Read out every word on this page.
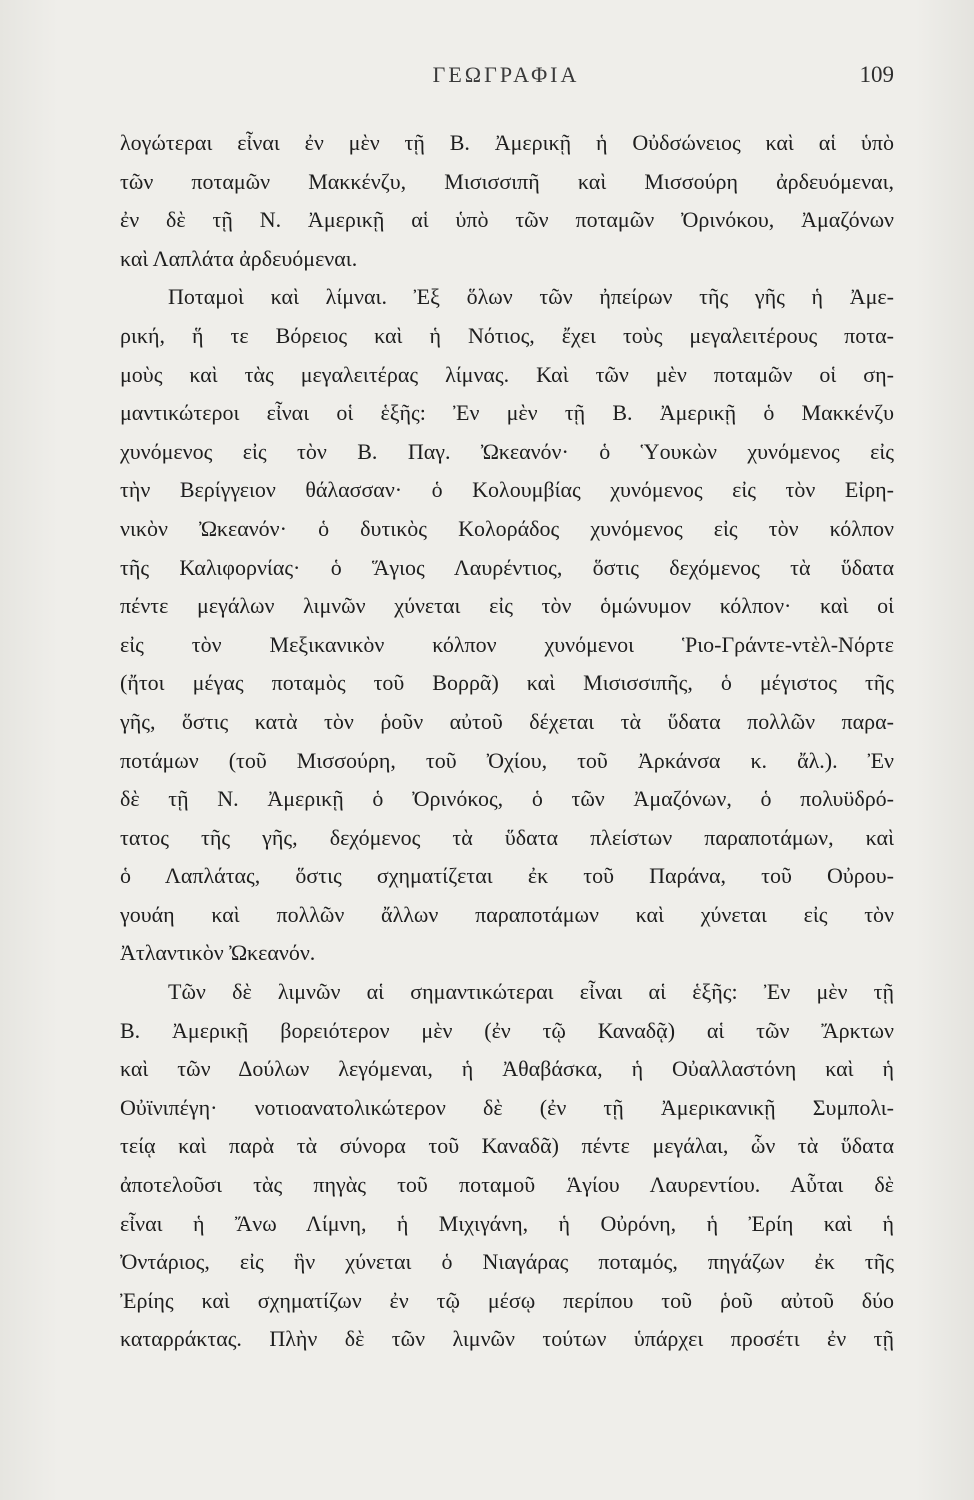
ΓΕΩΓΡΑΦΙΑ	109
λογώτεραι εἶναι ἐν μὲν τῇ Β. Ἀμερικῇ ἡ Οὐδσώνειος καὶ αἱ ὑπὸ
τῶν ποταμῶν Μακκένζυ, Μισισσιπῆ καὶ Μισσούρη ἀρδευόμεναι,
ἐν δὲ τῇ Ν. Ἀμερικῇ αἱ ὑπὸ τῶν ποταμῶν Ὀρινόκου, Ἀμαζόνων
καὶ Λαπλάτα ἀρδευόμεναι.
Ποταμοὶ καὶ λίμναι. Ἐξ ὅλων τῶν ἠπείρων τῆς γῆς ἡ Ἀμε-
ρική, ἥ τε Βόρειος καὶ ἡ Νότιος, ἔχει τοὺς μεγαλειτέρους ποτα-
μοὺς καὶ τὰς μεγαλειτέρας λίμνας. Καὶ τῶν μὲν ποταμῶν οἱ ση-
μαντικώτεροι εἶναι οἱ ἑξῆς: Ἐν μὲν τῇ Β. Ἀμερικῇ ὁ Μακκένζυ
χυνόμενος εἰς τὸν Β. Παγ. Ὠκεανόν· ὁ Ὑουκὼν χυνόμενος εἰς
τὴν Βερίγγειον θάλασσαν· ὁ Κολουμβίας χυνόμενος εἰς τὸν Εἰρη-
νικὸν Ὠκεανόν· ὁ δυτικὸς Κολοράδος χυνόμενος εἰς τὸν κόλπον
τῆς Καλιφορνίας· ὁ Ἅγιος Λαυρέντιος, ὅστις δεχόμενος τὰ ὕδατα
πέντε μεγάλων λιμνῶν χύνεται εἰς τὸν ὁμώνυμον κόλπον· καὶ οἱ
εἰς τὸν Μεξικανικὸν κόλπον χυνόμενοι Ῥιο-Γράντε-ντὲλ-Νόρτε
(ἤτοι μέγας ποταμὸς τοῦ Βορρᾶ) καὶ Μισισσιπῆς, ὁ μέγιστος τῆς
γῆς, ὅστις κατὰ τὸν ῥοῦν αὐτοῦ δέχεται τὰ ὕδατα πολλῶν παρα-
ποτάμων (τοῦ Μισσούρη, τοῦ Ὀχίου, τοῦ Ἀρκάνσα κ. ἄλ.). Ἐν
δὲ τῇ Ν. Ἀμερικῇ ὁ Ὀρινόκος, ὁ τῶν Ἀμαζόνων, ὁ πολυϋδρό-
τατος τῆς γῆς, δεχόμενος τὰ ὕδατα πλείστων παραποτάμων, καὶ
ὁ Λαπλάτας, ὅστις σχηματίζεται ἐκ τοῦ Παράνα, τοῦ Οὐρου-
γουάη καὶ πολλῶν ἄλλων παραποτάμων καὶ χύνεται εἰς τὸν
Ἀτλαντικὸν Ὠκεανόν.
Τῶν δὲ λιμνῶν αἱ σημαντικώτεραι εἶναι αἱ ἑξῆς: Ἐν μὲν τῇ
Β. Ἀμερικῇ βορειότερον μὲν (ἐν τῷ Καναδᾷ) αἱ τῶν Ἄρκτων
καὶ τῶν Δούλων λεγόμεναι, ἡ Ἀθαβάσκα, ἡ Οὐαλλαστόνη καὶ ἡ
Οὐϊνιπέγη· νοτιοανατολικώτερον δὲ (ἐν τῇ Ἀμερικανικῇ Συμπολι-
τείᾳ καὶ παρὰ τὰ σύνορα τοῦ Καναδᾶ) πέντε μεγάλαι, ὧν τὰ ὕδατα
ἀποτελοῦσι τὰς πηγὰς τοῦ ποταμοῦ Ἁγίου Λαυρεντίου. Αὗται δὲ
εἶναι ἡ Ἄνω Λίμνη, ἡ Μιχιγάνη, ἡ Οὐρόνη, ἡ Ἐρίη καὶ ἡ
Ὀντάριος, εἰς ἣν χύνεται ὁ Νιαγάρας ποταμός, πηγάζων ἐκ τῆς
Ἐρίης καὶ σχηματίζων ἐν τῷ μέσῳ περίπου τοῦ ῥοῦ αὐτοῦ δύο
καταρράκτας. Πλὴν δὲ τῶν λιμνῶν τούτων ὑπάρχει προσέτι ἐν τῇ
